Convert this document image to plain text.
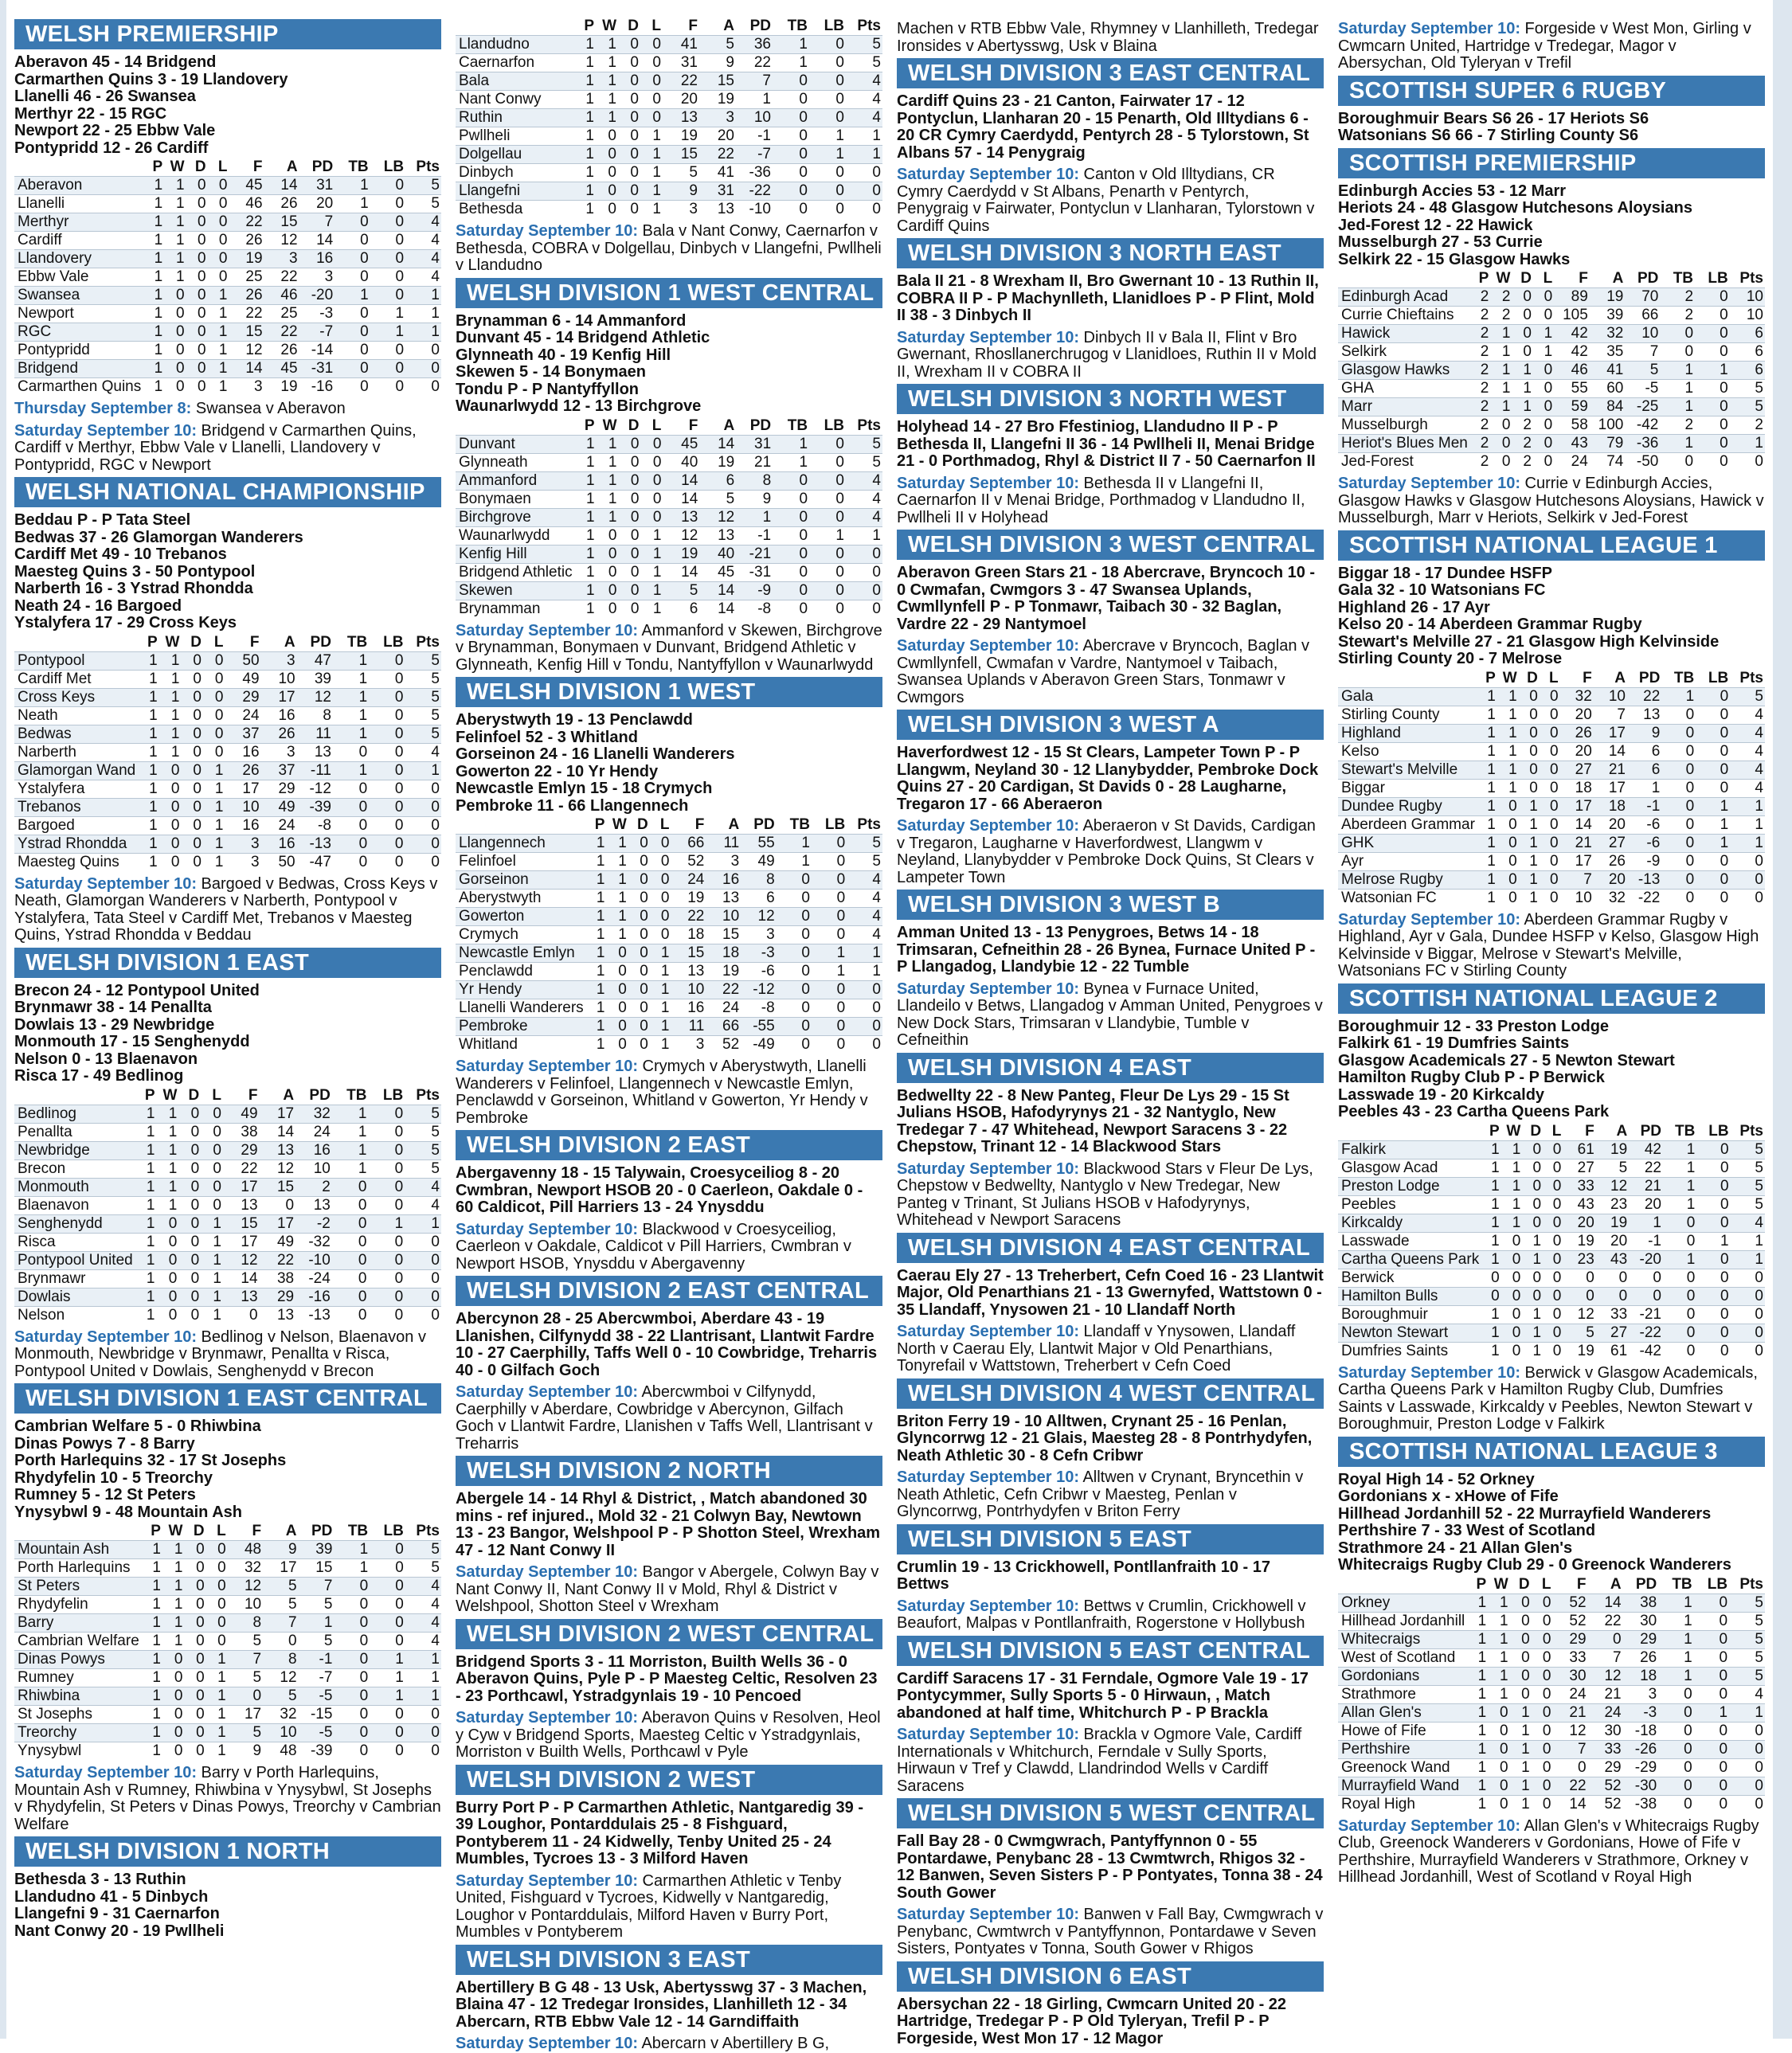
WELSH PREMIERSHIP
Aberavon 45 - 14 Bridgend
Carmarthen Quins 3 - 19 Llandovery
Llanelli 46 - 26 Swansea
Merthyr 22 - 15 RGC
Newport 22 - 25 Ebbw Vale
Pontypridd 12 - 26 Cardiff
	P	W	D	L	F	A	PD	TB	LB	Pts
Aberavon	1	1	0	0	45	14	31	1	0	5
Llanelli	1	1	0	0	46	26	20	1	0	5
Merthyr	1	1	0	0	22	15	7	0	0	4
Cardiff	1	1	0	0	26	12	14	0	0	4
Llandovery	1	1	0	0	19	3	16	0	0	4
Ebbw Vale	1	1	0	0	25	22	3	0	0	4
Swansea	1	0	0	1	26	46	-20	1	0	1
Newport	1	0	0	1	22	25	-3	0	1	1
RGC	1	0	0	1	15	22	-7	0	1	1
Pontypridd	1	0	0	1	12	26	-14	0	0	0
Bridgend	1	0	0	1	14	45	-31	0	0	0
Carmarthen Quins	1	0	0	1	3	19	-16	0	0	0
Thursday September 8: Swansea v Aberavon
Saturday September 10: Bridgend v Carmarthen Quins, Cardiff v Merthyr, Ebbw Vale v Llanelli, Llandovery v Pontypridd, RGC v Newport
WELSH NATIONAL CHAMPIONSHIP
Beddau P - P Tata Steel
Bedwas 37 - 26 Glamorgan Wanderers
Cardiff Met 49 - 10 Trebanos
Maesteg Quins 3 - 50 Pontypool
Narberth 16 - 3 Ystrad Rhondda
Neath 24 - 16 Bargoed
Ystalyfera 17 - 29 Cross Keys
	P	W	D	L	F	A	PD	TB	LB	Pts
Pontypool	1	1	0	0	50	3	47	1	0	5
Cardiff Met	1	1	0	0	49	10	39	1	0	5
Cross Keys	1	1	0	0	29	17	12	1	0	5
Neath	1	1	0	0	24	16	8	1	0	5
Bedwas	1	1	0	0	37	26	11	1	0	5
Narberth	1	1	0	0	16	3	13	0	0	4
Glamorgan Wand	1	0	0	1	26	37	-11	1	0	1
Ystalyfera	1	0	0	1	17	29	-12	0	0	0
Trebanos	1	0	0	1	10	49	-39	0	0	0
Bargoed	1	0	0	1	16	24	-8	0	0	0
Ystrad Rhondda	1	0	0	1	3	16	-13	0	0	0
Maesteg Quins	1	0	0	1	3	50	-47	0	0	0
Saturday September 10: Bargoed v Bedwas, Cross Keys v Neath, Glamorgan Wanderers v Narberth, Pontypool v Ystalyfera, Tata Steel v Cardiff Met, Trebanos v Maesteg Quins, Ystrad Rhondda v Beddau
WELSH DIVISION 1 EAST
Brecon 24 - 12 Pontypool United
Brynmawr 38 - 14 Penallta
Dowlais 13 - 29 Newbridge
Monmouth 17 - 15 Senghenydd
Nelson 0 - 13 Blaenavon
Risca 17 - 49 Bedlinog
	P	W	D	L	F	A	PD	TB	LB	Pts
Bedlinog	1	1	0	0	49	17	32	1	0	5
Penallta	1	1	0	0	38	14	24	1	0	5
Newbridge	1	1	0	0	29	13	16	1	0	5
Brecon	1	1	0	0	22	12	10	1	0	5
Monmouth	1	1	0	0	17	15	2	0	0	4
Blaenavon	1	1	0	0	13	0	13	0	0	4
Senghenydd	1	0	0	1	15	17	-2	0	1	1
Risca	1	0	0	1	17	49	-32	0	0	0
Pontypool United	1	0	0	1	12	22	-10	0	0	0
Brynmawr	1	0	0	1	14	38	-24	0	0	0
Dowlais	1	0	0	1	13	29	-16	0	0	0
Nelson	1	0	0	1	0	13	-13	0	0	0
Saturday September 10: Bedlinog v Nelson, Blaenavon v Monmouth, Newbridge v Brynmawr, Penallta v Risca, Pontypool United v Dowlais, Senghenydd v Brecon
WELSH DIVISION 1 EAST CENTRAL
Cambrian Welfare 5 - 0 Rhiwbina
Dinas Powys 7 - 8 Barry
Porth Harlequins 32 - 17 St Josephs
Rhydyfelin 10 - 5 Treorchy
Rumney 5 - 12 St Peters
Ynysybwl 9 - 48 Mountain Ash
	P	W	D	L	F	A	PD	TB	LB	Pts
Mountain Ash	1	1	0	0	48	9	39	1	0	5
Porth Harlequins	1	1	0	0	32	17	15	1	0	5
St Peters	1	1	0	0	12	5	7	0	0	4
Rhydyfelin	1	1	0	0	10	5	5	0	0	4
Barry	1	1	0	0	8	7	1	0	0	4
Cambrian Welfare	1	1	0	0	5	0	5	0	0	4
Dinas Powys	1	0	0	1	7	8	-1	0	1	1
Rumney	1	0	0	1	5	12	-7	0	1	1
Rhiwbina	1	0	0	1	0	5	-5	0	1	1
St Josephs	1	0	0	1	17	32	-15	0	0	0
Treorchy	1	0	0	1	5	10	-5	0	0	0
Ynysybwl	1	0	0	1	9	48	-39	0	0	0
Saturday September 10: Barry v Porth Harlequins, Mountain Ash v Rumney, Rhiwbina v Ynysybwl, St Josephs v Rhydyfelin, St Peters v Dinas Powys, Treorchy v Cambrian Welfare
WELSH DIVISION 1 NORTH
Bethesda 3 - 13 Ruthin
Llandudno 41 - 5 Dinbych
Llangefni 9 - 31 Caernarfon
Nant Conwy 20 - 19 Pwllheli
	P	W	D	L	F	A	PD	TB	LB	Pts
Llandudno	1	1	0	0	41	5	36	1	0	5
Caernarfon	1	1	0	0	31	9	22	1	0	5
Bala	1	1	0	0	22	15	7	0	0	4
Nant Conwy	1	1	0	0	20	19	1	0	0	4
Ruthin	1	1	0	0	13	3	10	0	0	4
Pwllheli	1	0	0	1	19	20	-1	0	1	1
Dolgellau	1	0	0	1	15	22	-7	0	1	1
Dinbych	1	0	0	1	5	41	-36	0	0	0
Llangefni	1	0	0	1	9	31	-22	0	0	0
Bethesda	1	0	0	1	3	13	-10	0	0	0
Saturday September 10: Bala v Nant Conwy, Caernarfon v Bethesda, COBRA v Dolgellau, Dinbych v Llangefni, Pwllheli v Llandudno
WELSH DIVISION 1 WEST CENTRAL
Brynamman 6 - 14 Ammanford
Dunvant 45 - 14 Bridgend Athletic
Glynneath 40 - 19 Kenfig Hill
Skewen 5 - 14 Bonymaen
Tondu P - P Nantyffyllon
Waunarlwydd 12 - 13 Birchgrove
	P	W	D	L	F	A	PD	TB	LB	Pts
Dunvant	1	1	0	0	45	14	31	1	0	5
Glynneath	1	1	0	0	40	19	21	1	0	5
Ammanford	1	1	0	0	14	6	8	0	0	4
Bonymaen	1	1	0	0	14	5	9	0	0	4
Birchgrove	1	1	0	0	13	12	1	0	0	4
Waunarlwydd	1	0	0	1	12	13	-1	0	1	1
Kenfig Hill	1	0	0	1	19	40	-21	0	0	0
Bridgend Athletic	1	0	0	1	14	45	-31	0	0	0
Skewen	1	0	0	1	5	14	-9	0	0	0
Brynamman	1	0	0	1	6	14	-8	0	0	0
Saturday September 10: Ammanford v Skewen, Birchgrove v Brynamman, Bonymaen v Dunvant, Bridgend Athletic v Glynneath, Kenfig Hill v Tondu, Nantyffyllon v Waunarlwydd
WELSH DIVISION 1 WEST
Aberystwyth 19 - 13 Penclawdd
Felinfoel 52 - 3 Whitland
Gorseinon 24 - 16 Llanelli Wanderers
Gowerton 22 - 10 Yr Hendy
Newcastle Emlyn 15 - 18 Crymych
Pembroke 11 - 66 Llangennech
	P	W	D	L	F	A	PD	TB	LB	Pts
Llangennech	1	1	0	0	66	11	55	1	0	5
Felinfoel	1	1	0	0	52	3	49	1	0	5
Gorseinon	1	1	0	0	24	16	8	0	0	4
Aberystwyth	1	1	0	0	19	13	6	0	0	4
Gowerton	1	1	0	0	22	10	12	0	0	4
Crymych	1	1	0	0	18	15	3	0	0	4
Newcastle Emlyn	1	0	0	1	15	18	-3	0	1	1
Penclawdd	1	0	0	1	13	19	-6	0	1	1
Yr Hendy	1	0	0	1	10	22	-12	0	0	0
Llanelli Wanderers	1	0	0	1	16	24	-8	0	0	0
Pembroke	1	0	0	1	11	66	-55	0	0	0
Whitland	1	0	0	1	3	52	-49	0	0	0
Saturday September 10: Crymych v Aberystwyth, Llanelli Wanderers v Felinfoel, Llangennech v Newcastle Emlyn, Penclawdd v Gorseinon, Whitland v Gowerton, Yr Hendy v Pembroke
WELSH DIVISION 2 EAST
Abergavenny 18 - 15 Talywain, Croesyceiliog 8 - 20 Cwmbran, Newport HSOB 20 - 0 Caerleon, Oakdale 0 - 60 Caldicot, Pill Harriers 13 - 24 Ynysddu
Saturday September 10: Blackwood v Croesyceiliog, Caerleon v Oakdale, Caldicot v Pill Harriers, Cwmbran v Newport HSOB, Ynysddu v Abergavenny
WELSH DIVISION 2 EAST CENTRAL
Abercynon 28 - 25 Abercwmboi, Aberdare 43 - 19 Llanishen, Cilfynydd 38 - 22 Llantrisant, Llantwit Fardre 10 - 27 Caerphilly, Taffs Well 0 - 10 Cowbridge, Treharris 40 - 0 Gilfach Goch
Saturday September 10: Abercwmboi v Cilfynydd, Caerphilly v Aberdare, Cowbridge v Abercynon, Gilfach Goch v Llantwit Fardre, Llanishen v Taffs Well, Llantrisant v Treharris
WELSH DIVISION 2 NORTH
Abergele 14 - 14 Rhyl & District, , Match abandoned 30 mins - ref injured., Mold 32 - 21 Colwyn Bay, Newtown 13 - 23 Bangor, Welshpool P - P Shotton Steel, Wrexham 47 - 12 Nant Conwy II
Saturday September 10: Bangor v Abergele, Colwyn Bay v Nant Conwy II, Nant Conwy II v Mold, Rhyl & District v Welshpool, Shotton Steel v Wrexham
WELSH DIVISION 2 WEST CENTRAL
Bridgend Sports 3 - 11 Morriston, Builth Wells 36 - 0 Aberavon Quins, Pyle P - P Maesteg Celtic, Resolven 23 - 23 Porthcawl, Ystradgynlais 19 - 10 Pencoed
Saturday September 10: Aberavon Quins v Resolven, Heol y Cyw v Bridgend Sports, Maesteg Celtic v Ystradgynlais, Morriston v Builth Wells, Porthcawl v Pyle
WELSH DIVISION 2 WEST
Burry Port P - P Carmarthen Athletic, Nantgaredig 39 - 39 Loughor, Pontarddulais 25 - 8 Fishguard, Pontyberem 11 - 24 Kidwelly, Tenby United 25 - 24 Mumbles, Tycroes 13 - 3 Milford Haven
Saturday September 10: Carmarthen Athletic v Tenby United, Fishguard v Tycroes, Kidwelly v Nantgaredig, Loughor v Pontarddulais, Milford Haven v Burry Port, Mumbles v Pontyberem
WELSH DIVISION 3 EAST
Abertillery B G 48 - 13 Usk, Abertysswg 37 - 3 Machen, Blaina 47 - 12 Tredegar Ironsides, Llanhilleth 12 - 34 Abercarn, RTB Ebbw Vale 12 - 14 Garndiffaith
Saturday September 10: Abercarn v Abertillery B G,
Machen v RTB Ebbw Vale, Rhymney v Llanhilleth, Tredegar Ironsides v Abertysswg, Usk v Blaina
WELSH DIVISION 3 EAST CENTRAL
Cardiff Quins 23 - 21 Canton, Fairwater 17 - 12 Pontyclun, Llanharan 20 - 15 Penarth, Old Illtydians 6 - 20 CR Cymry Caerdydd, Pentyrch 28 - 5 Tylorstown, St Albans 57 - 14 Penygraig
Saturday September 10: Canton v Old Illtydians, CR Cymry Caerdydd v St Albans, Penarth v Pentyrch, Penygraig v Fairwater, Pontyclun v Llanharan, Tylorstown v Cardiff Quins
WELSH DIVISION 3 NORTH EAST
Bala II 21 - 8 Wrexham II, Bro Gwernant 10 - 13 Ruthin II, COBRA II P - P Machynlleth, Llanidloes P - P Flint, Mold II 38 - 3 Dinbych II
Saturday September 10: Dinbych II v Bala II, Flint v Bro Gwernant, Rhosllanerchrugog v Llanidloes, Ruthin II v Mold II, Wrexham II v COBRA II
WELSH DIVISION 3 NORTH WEST
Holyhead 14 - 27 Bro Ffestiniog, Llandudno II P - P Bethesda II, Llangefni II 36 - 14 Pwllheli II, Menai Bridge 21 - 0 Porthmadog, Rhyl & District II 7 - 50 Caernarfon II
Saturday September 10: Bethesda II v Llangefni II, Caernarfon II v Menai Bridge, Porthmadog v Llandudno II, Pwllheli II v Holyhead
WELSH DIVISION 3 WEST CENTRAL
Aberavon Green Stars 21 - 18 Abercrave, Bryncoch 10 - 0 Cwmafan, Cwmgors 3 - 47 Swansea Uplands, Cwmllynfell P - P Tonmawr, Taibach 30 - 32 Baglan, Vardre 22 - 29 Nantymoel
Saturday September 10: Abercrave v Bryncoch, Baglan v Cwmllynfell, Cwmafan v Vardre, Nantymoel v Taibach, Swansea Uplands v Aberavon Green Stars, Tonmawr v Cwmgors
WELSH DIVISION 3 WEST A
Haverfordwest 12 - 15 St Clears, Lampeter Town P - P Llangwm, Neyland 30 - 12 Llanybydder, Pembroke Dock Quins 27 - 20 Cardigan, St Davids 0 - 28 Laugharne, Tregaron 17 - 66 Aberaeron
Saturday September 10: Aberaeron v St Davids, Cardigan v Tregaron, Laugharne v Haverfordwest, Llangwm v Neyland, Llanybydder v Pembroke Dock Quins, St Clears v Lampeter Town
WELSH DIVISION 3 WEST B
Amman United 13 - 13 Penygroes, Betws 14 - 18 Trimsaran, Cefneithin 28 - 26 Bynea, Furnace United P - P Llangadog, Llandybie 12 - 22 Tumble
Saturday September 10: Bynea v Furnace United, Llandeilo v Betws, Llangadog v Amman United, Penygroes v New Dock Stars, Trimsaran v Llandybie, Tumble v Cefneithin
WELSH DIVISION 4 EAST
Bedwellty 22 - 8 New Panteg, Fleur De Lys 29 - 15 St Julians HSOB, Hafodyrynys 21 - 32 Nantyglo, New Tredegar 7 - 47 Whitehead, Newport Saracens 3 - 22 Chepstow, Trinant 12 - 14 Blackwood Stars
Saturday September 10: Blackwood Stars v Fleur De Lys, Chepstow v Bedwellty, Nantyglo v New Tredegar, New Panteg v Trinant, St Julians HSOB v Hafodyrynys, Whitehead v Newport Saracens
WELSH DIVISION 4 EAST CENTRAL
Caerau Ely 27 - 13 Treherbert, Cefn Coed 16 - 23 Llantwit Major, Old Penarthians 21 - 13 Gwernyfed, Wattstown 0 - 35 Llandaff, Ynysowen 21 - 10 Llandaff North
Saturday September 10: Llandaff v Ynysowen, Llandaff North v Caerau Ely, Llantwit Major v Old Penarthians, Tonyrefail v Wattstown, Treherbert v Cefn Coed
WELSH DIVISION 4 WEST CENTRAL
Briton Ferry 19 - 10 Alltwen, Crynant 25 - 16 Penlan, Glyncorrwg 12 - 21 Glais, Maesteg 28 - 8 Pontrhydyfen, Neath Athletic 30 - 8 Cefn Cribwr
Saturday September 10: Alltwen v Crynant, Bryncethin v Neath Athletic, Cefn Cribwr v Maesteg, Penlan v Glyncorrwg, Pontrhydyfen v Briton Ferry
WELSH DIVISION 5 EAST
Crumlin 19 - 13 Crickhowell, Pontllanfraith 10 - 17 Bettws
Saturday September 10: Bettws v Crumlin, Crickhowell v Beaufort, Malpas v Pontllanfraith, Rogerstone v Hollybush
WELSH DIVISION 5 EAST CENTRAL
Cardiff Saracens 17 - 31 Ferndale, Ogmore Vale 19 - 17 Pontycymmer, Sully Sports 5 - 0 Hirwaun, , Match abandoned at half time, Whitchurch P - P Brackla
Saturday September 10: Brackla v Ogmore Vale, Cardiff Internationals v Whitchurch, Ferndale v Sully Sports, Hirwaun v Tref y Clawdd, Llandrindod Wells v Cardiff Saracens
WELSH DIVISION 5 WEST CENTRAL
Fall Bay 28 - 0 Cwmgwrach, Pantyffynnon 0 - 55 Pontardawe, Penybanc 28 - 13 Cwmtwrch, Rhigos 32 - 12 Banwen, Seven Sisters P - P Pontyates, Tonna 38 - 24 South Gower
Saturday September 10: Banwen v Fall Bay, Cwmgwrach v Penybanc, Cwmtwrch v Pantyffynnon, Pontardawe v Seven Sisters, Pontyates v Tonna, South Gower v Rhigos
WELSH DIVISION 6 EAST
Abersychan 22 - 18 Girling, Cwmcarn United 20 - 22 Hartridge, Tredegar P - P Old Tyleryan, Trefil P - P Forgeside, West Mon 17 - 12 Magor
Saturday September 10: Forgeside v West Mon, Girling v Cwmcarn United, Hartridge v Tredegar, Magor v Abersychan, Old Tyleryan v Trefil
SCOTTISH SUPER 6 RUGBY
Boroughmuir Bears S6 26 - 17 Heriots S6
Watsonians S6 66 - 7 Stirling County S6
SCOTTISH PREMIERSHIP
Edinburgh Accies 53 - 12 Marr
Heriots 24 - 48 Glasgow Hutchesons Aloysians
Jed-Forest 12 - 22 Hawick
Musselburgh 27 - 53 Currie
Selkirk 22 - 15 Glasgow Hawks
	P	W	D	L	F	A	PD	TB	LB	Pts
Edinburgh Acad	2	2	0	0	89	19	70	2	0	10
Currie Chieftains	2	2	0	0	105	39	66	2	0	10
Hawick	2	1	0	1	42	32	10	0	0	6
Selkirk	2	1	0	1	42	35	7	0	0	6
Glasgow Hawks	2	1	1	0	46	41	5	1	1	6
GHA	2	1	1	0	55	60	-5	1	0	5
Marr	2	1	1	0	59	84	-25	1	0	5
Musselburgh	2	0	2	0	58	100	-42	2	0	2
Heriot's Blues Men	2	0	2	0	43	79	-36	1	0	1
Jed-Forest	2	0	2	0	24	74	-50	0	0	0
Saturday September 10: Currie v Edinburgh Accies, Glasgow Hawks v Glasgow Hutchesons Aloysians, Hawick v Musselburgh, Marr v Heriots, Selkirk v Jed-Forest
SCOTTISH NATIONAL LEAGUE 1
Biggar 18 - 17 Dundee HSFP
Gala 32 - 10 Watsonians FC
Highland 26 - 17 Ayr
Kelso 20 - 14 Aberdeen Grammar Rugby
Stewart's Melville 27 - 21 Glasgow High Kelvinside
Stirling County 20 - 7 Melrose
	P	W	D	L	F	A	PD	TB	LB	Pts
Gala	1	1	0	0	32	10	22	1	0	5
Stirling County	1	1	0	0	20	7	13	0	0	4
Highland	1	1	0	0	26	17	9	0	0	4
Kelso	1	1	0	0	20	14	6	0	0	4
Stewart's Melville	1	1	0	0	27	21	6	0	0	4
Biggar	1	1	0	0	18	17	1	0	0	4
Dundee Rugby	1	0	1	0	17	18	-1	0	1	1
Aberdeen Grammar	1	0	1	0	14	20	-6	0	1	1
GHK	1	0	1	0	21	27	-6	0	1	1
Ayr	1	0	1	0	17	26	-9	0	0	0
Melrose Rugby	1	0	1	0	7	20	-13	0	0	0
Watsonian FC	1	0	1	0	10	32	-22	0	0	0
Saturday September 10: Aberdeen Grammar Rugby v Highland, Ayr v Gala, Dundee HSFP v Kelso, Glasgow High Kelvinside v Biggar, Melrose v Stewart's Melville, Watsonians FC v Stirling County
SCOTTISH NATIONAL LEAGUE 2
Boroughmuir 12 - 33 Preston Lodge
Falkirk 61 - 19 Dumfries Saints
Glasgow Academicals 27 - 5 Newton Stewart
Hamilton Rugby Club P - P Berwick
Lasswade 19 - 20 Kirkcaldy
Peebles 43 - 23 Cartha Queens Park
	P	W	D	L	F	A	PD	TB	LB	Pts
Falkirk	1	1	0	0	61	19	42	1	0	5
Glasgow Acad	1	1	0	0	27	5	22	1	0	5
Preston Lodge	1	1	0	0	33	12	21	1	0	5
Peebles	1	1	0	0	43	23	20	1	0	5
Kirkcaldy	1	1	0	0	20	19	1	0	0	4
Lasswade	1	0	1	0	19	20	-1	0	1	1
Cartha Queens Park	1	0	1	0	23	43	-20	1	0	1
Berwick	0	0	0	0	0	0	0	0	0	0
Hamilton Bulls	0	0	0	0	0	0	0	0	0	0
Boroughmuir	1	0	1	0	12	33	-21	0	0	0
Newton Stewart	1	0	1	0	5	27	-22	0	0	0
Dumfries Saints	1	0	1	0	19	61	-42	0	0	0
Saturday September 10: Berwick v Glasgow Academicals, Cartha Queens Park v Hamilton Rugby Club, Dumfries Saints v Lasswade, Kirkcaldy v Peebles, Newton Stewart v Boroughmuir, Preston Lodge v Falkirk
SCOTTISH NATIONAL LEAGUE 3
Royal High 14 - 52 Orkney
Gordonians x - xHowe of Fife
Hillhead Jordanhill 52 - 22 Murrayfield Wanderers
Perthshire 7 - 33 West of Scotland
Strathmore 24 - 21 Allan Glen's
Whitecraigs Rugby Club 29 - 0 Greenock Wanderers
	P	W	D	L	F	A	PD	TB	LB	Pts
Orkney	1	1	0	0	52	14	38	1	0	5
Hillhead Jordanhill	1	1	0	0	52	22	30	1	0	5
Whitecraigs	1	1	0	0	29	0	29	1	0	5
West of Scotland	1	1	0	0	33	7	26	1	0	5
Gordonians	1	1	0	0	30	12	18	1	0	5
Strathmore	1	1	0	0	24	21	3	0	0	4
Allan Glen's	1	0	1	0	21	24	-3	0	1	1
Howe of Fife	1	0	1	0	12	30	-18	0	0	0
Perthshire	1	0	1	0	7	33	-26	0	0	0
Greenock Wand	1	0	1	0	0	29	-29	0	0	0
Murrayfield Wand	1	0	1	0	22	52	-30	0	0	0
Royal High	1	0	1	0	14	52	-38	0	0	0
Saturday September 10: Allan Glen's v Whitecraigs Rugby Club, Greenock Wanderers v Gordonians, Howe of Fife v Perthshire, Murrayfield Wanderers v Strathmore, Orkney v Hillhead Jordanhill, West of Scotland v Royal High
